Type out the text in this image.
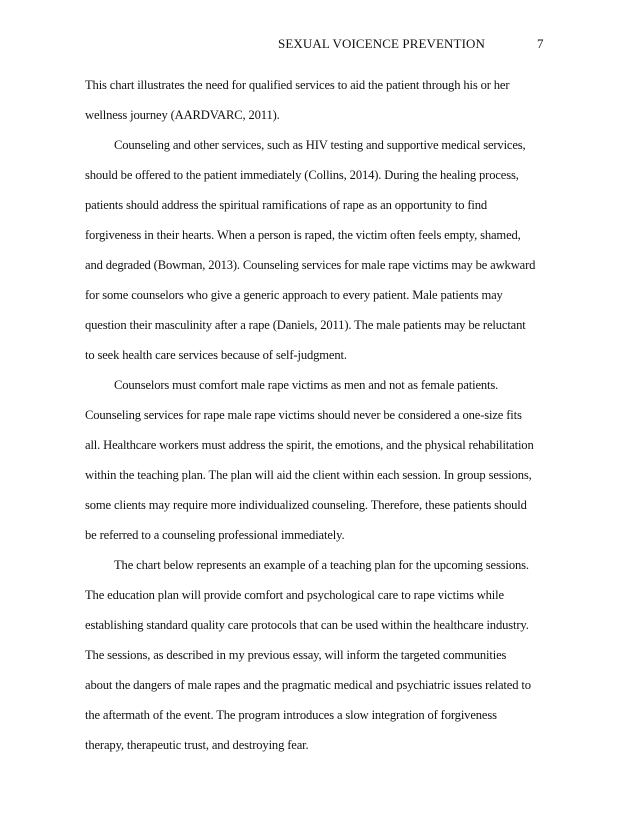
SEXUAL VOICENCE PREVENTION	7
This chart illustrates the need for qualified services to aid the patient through his or her
wellness journey (AARDVARC, 2011).
Counseling and other services, such as HIV testing and supportive medical services,
should be offered to the patient immediately (Collins, 2014). During the healing process,
patients should address the spiritual ramifications of rape as an opportunity to find
forgiveness in their hearts. When a person is raped, the victim often feels empty, shamed,
and degraded (Bowman, 2013). Counseling services for male rape victims may be awkward
for some counselors who give a generic approach to every patient. Male patients may
question their masculinity after a rape (Daniels, 2011). The male patients may be reluctant
to seek health care services because of self-judgment.
Counselors must comfort male rape victims as men and not as female patients.
Counseling services for rape male rape victims should never be considered a one-size fits
all. Healthcare workers must address the spirit, the emotions, and the physical rehabilitation
within the teaching plan. The plan will aid the client within each session. In group sessions,
some clients may require more individualized counseling. Therefore, these patients should
be referred to a counseling professional immediately.
The chart below represents an example of a teaching plan for the upcoming sessions.
The education plan will provide comfort and psychological care to rape victims while
establishing standard quality care protocols that can be used within the healthcare industry.
The sessions, as described in my previous essay, will inform the targeted communities
about the dangers of male rapes and the pragmatic medical and psychiatric issues related to
the aftermath of the event. The program introduces a slow integration of forgiveness
therapy, therapeutic trust, and destroying fear.
